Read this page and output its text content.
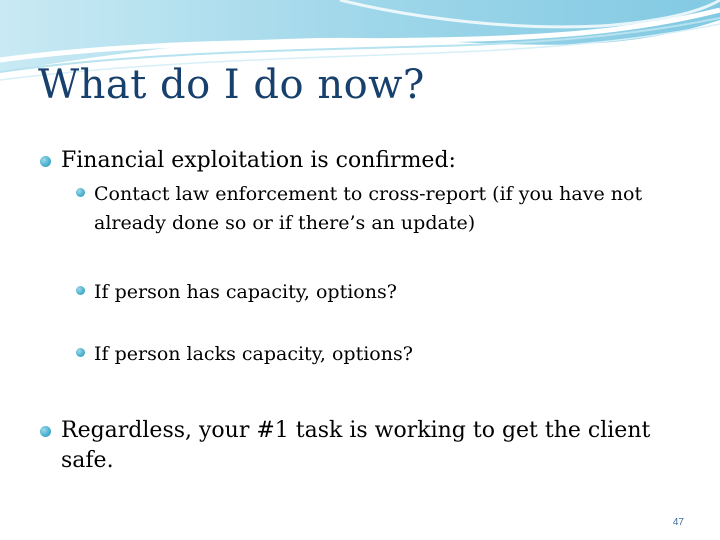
What do I do now?
Financial exploitation is confirmed:
Contact law enforcement to cross-report (if you have not already done so or if there’s an update)
If person has capacity, options?
If person lacks capacity, options?
Regardless, your #1 task is working to get the client safe.
47
